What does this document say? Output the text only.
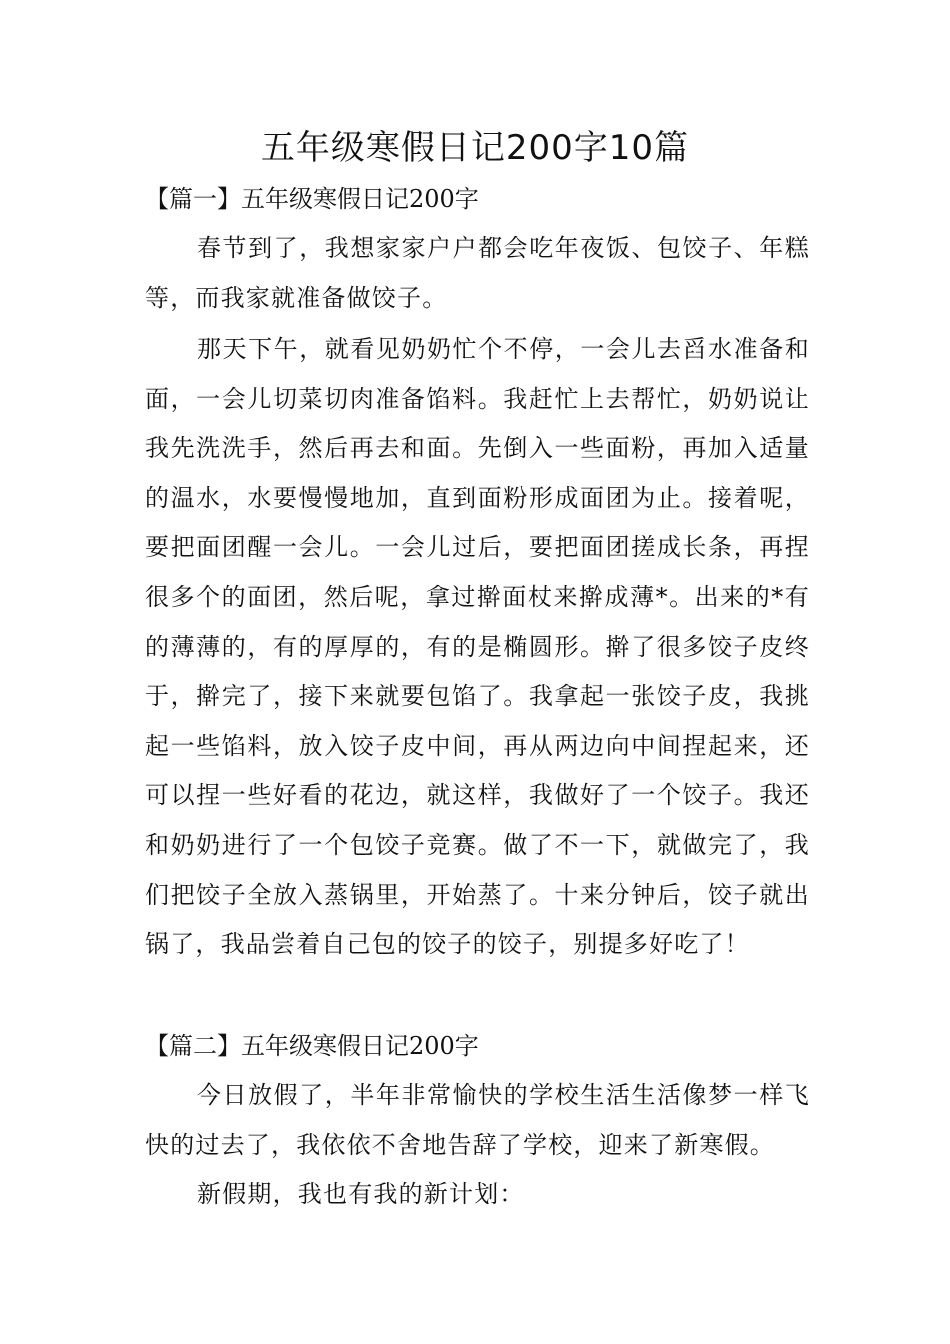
五年级寒假日记200字10篇
【篇一】五年级寒假日记200字

春节到了，我想家家户户都会吃年夜饭、包饺子、年糕等，而我家就准备做饺子。

那天下午，就看见奶奶忙个不停，一会儿去舀水准备和面，一会儿切菜切肉准备馅料。我赶忙上去帮忙，奶奶说让我先洗洗手，然后再去和面。先倒入一些面粉，再加入适量的温水，水要慢慢地加，直到面粉形成面团为止。接着呢，要把面团醒一会儿。一会儿过后，要把面团搓成长条，再捏很多个的面团，然后呢，拿过擀面杖来擀成薄*。出来的*有的薄薄的，有的厚厚的，有的是椭圆形。擀了很多饺子皮终于，擀完了，接下来就要包馅了。我拿起一张饺子皮，我挑起一些馅料，放入饺子皮中间，再从两边向中间捏起来，还可以捏一些好看的花边，就这样，我做好了一个饺子。我还和奶奶进行了一个包饺子竞赛。做了不一下，就做完了，我们把饺子全放入蒸锅里，开始蒸了。十来分钟后，饺子就出锅了，我品尝着自己包的饺子的饺子，别提多好吃了！

【篇二】五年级寒假日记200字

今日放假了，半年非常愉快的学校生活生活像梦一样飞快的过去了，我依依不舍地告辞了学校，迎来了新寒假。

新假期，我也有我的新计划：
